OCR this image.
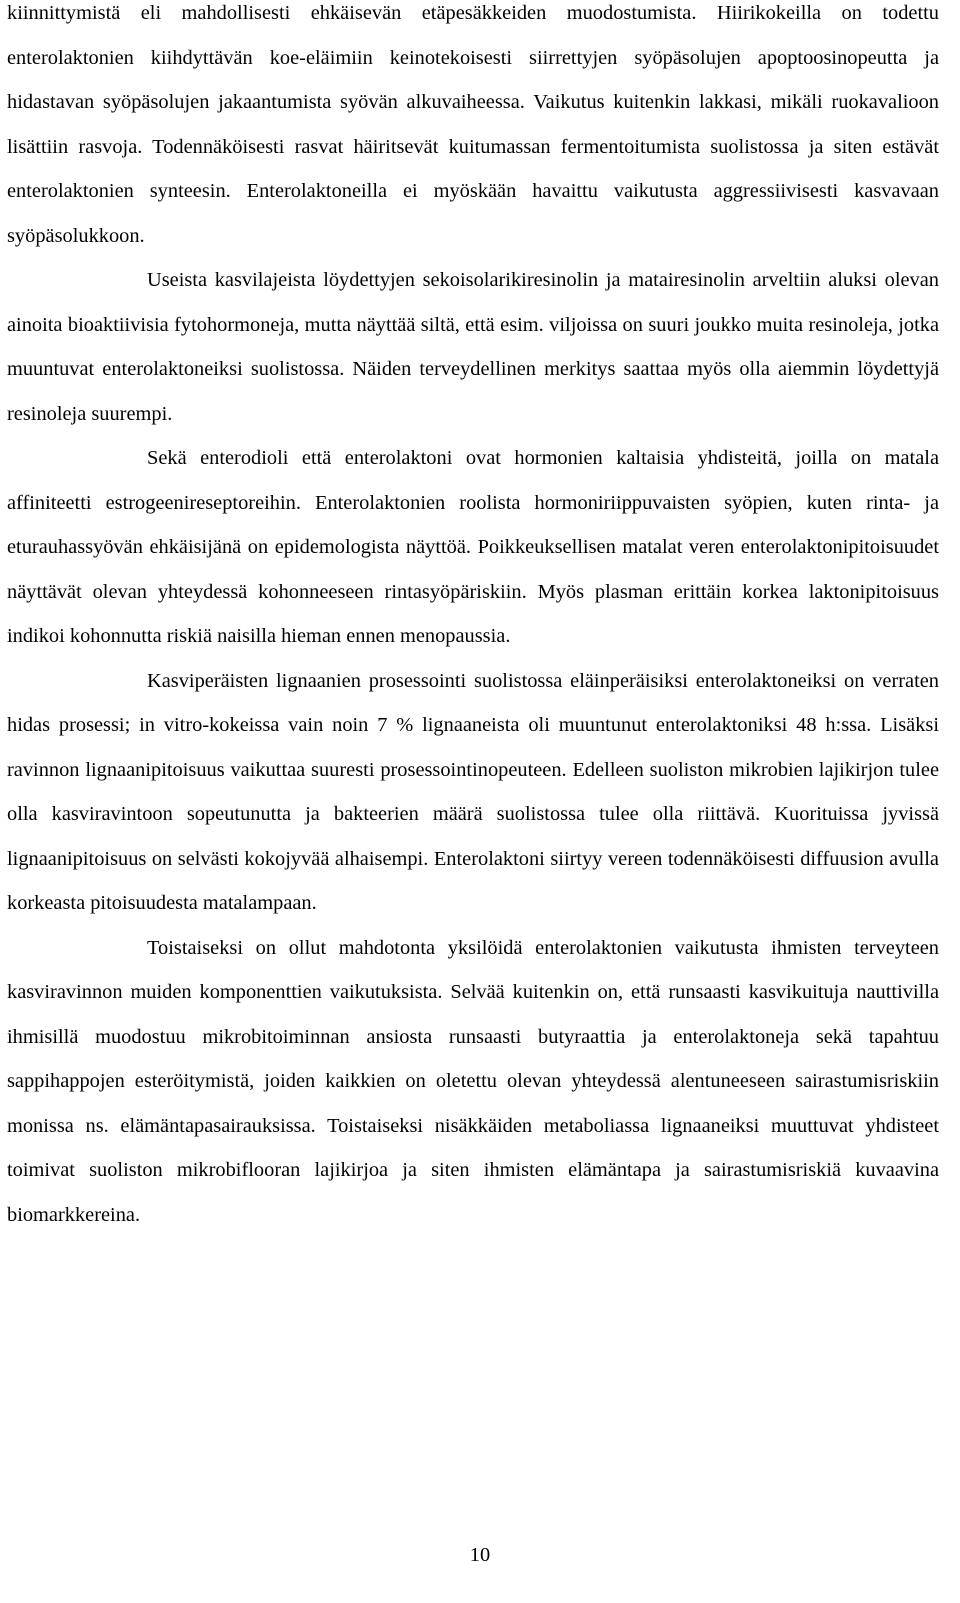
kiinnittymistä eli mahdollisesti ehkäisevän etäpesäkkeiden muodostumista. Hiirikokeilla on todettu enterolaktonien kiihdyttävän koe-eläimiin keinotekoisesti siirrettyjen syöpäsolujen apoptoosinopeutta ja hidastavan syöpäsolujen jakaantumista syövän alkuvaiheessa. Vaikutus kuitenkin lakkasi, mikäli ruokavalioon lisättiin rasvoja. Todennäköisesti rasvat häiritsevät kuitumassan fermentoitumista suolistossa ja siten estävät enterolaktonien synteesin. Enterolaktoneilla ei myöskään havaittu vaikutusta aggressiivisesti kasvavaan syöpäsolukkoon.

Useista kasvilajeista löydettyjen sekoisolarikiresinolin ja matairesinolin arveltiin aluksi olevan ainoita bioaktiivisia fytohormoneja, mutta näyttää siltä, että esim. viljoissa on suuri joukko muita resinoleja, jotka muuntuvat enterolaktoneiksi suolistossa. Näiden terveydellinen merkitys saattaa myös olla aiemmin löydettyjä resinoleja suurempi.

Sekä enterodioli että enterolaktoni ovat hormonien kaltaisia yhdisteitä, joilla on matala affiniteetti estrogeenireseptoreihin. Enterolaktonien roolista hormoniriippuvaisten syöpien, kuten rinta- ja eturauhassyövän ehkäisijänä on epidemologista näyttöä. Poikkeuksellisen matalat veren enterolaktonipitoisuudet näyttävät olevan yhteydessä kohonneeseen rintasyöpäriskiin. Myös plasman erittäin korkea laktonipitoisuus indikoi kohonnutta riskiä naisilla hieman ennen menopaussia.

Kasviperäisten lignaanien prosessointi suolistossa eläinperäisiksi enterolaktoneiksi on verraten hidas prosessi; in vitro-kokeissa vain noin 7 % lignaaneista oli muuntunut enterolaktoniksi 48 h:ssa. Lisäksi ravinnon lignaanipitoisuus vaikuttaa suuresti prosessointinopeuteen. Edelleen suoliston mikrobien lajikirjon tulee olla kasviravintoon sopeutunutta ja bakteerien määrä suolistossa tulee olla riittävä. Kuorituissa jyvissä lignaanipitoisuus on selvästi kokojyvää alhaisempi. Enterolaktoni siirtyy vereen todennäköisesti diffuusion avulla korkeasta pitoisuudesta matalampaan.

Toistaiseksi on ollut mahdotonta yksilöidä enterolaktonien vaikutusta ihmisten terveyteen kasviravinnon muiden komponenttien vaikutuksista. Selvää kuitenkin on, että runsaasti kasvikuituja nauttivilla ihmisillä muodostuu mikrobitoiminnan ansiosta runsaasti butyraattia ja enterolaktoneja sekä tapahtuu sappihappojen esteröitymistä, joiden kaikkien on oletettu olevan yhteydessä alentuneeseen sairastumisriskiin monissa ns. elämäntapasairauksissa. Toistaiseksi nisäkkäiden metaboliassa lignaaneiksi muuttuvat yhdisteet toimivat suoliston mikrobiflooran lajikirjoa ja siten ihmisten elämäntapa ja sairastumisriskiä kuvaavina biomarkkereina.

10
